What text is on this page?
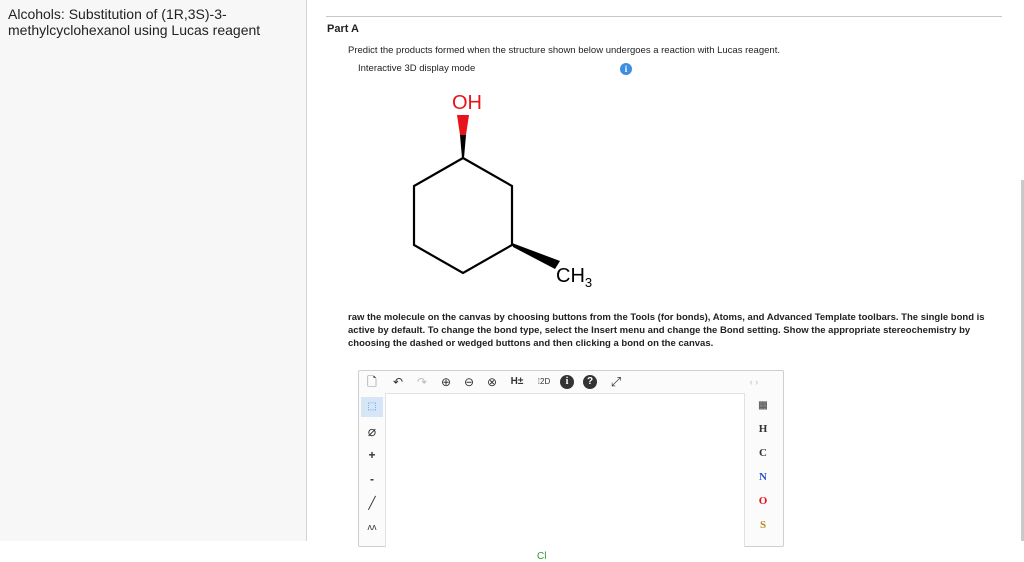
Alcohols: Substitution of (1R,3S)-3-
methylcyclohexanol using Lucas reagent	Part A
Predict the products formed when the structure shown below undergoes a reaction with Lucas reagent.
Interactive 3D display mode	i
OH
$CH_3$
raw the molecule on the canvas by choosing buttons from the Tools (for bonds), Atoms, and Advanced Template toolbars. The single bond is active by default. To change the bond type, select the Insert menu and change the Bond setting. Show the appropriate stereochemistry by choosing the dashed or wedged buttons and then clicking a bond on the canvas.
🗋 ↶ ↷ ⊕ ⊖ ⊗ H± ⁞2D	i	?	⤢	‹ ›
⬚
⌀
+
-
╱
ʌʌ
Cl
▦
H
C
N
O
S
